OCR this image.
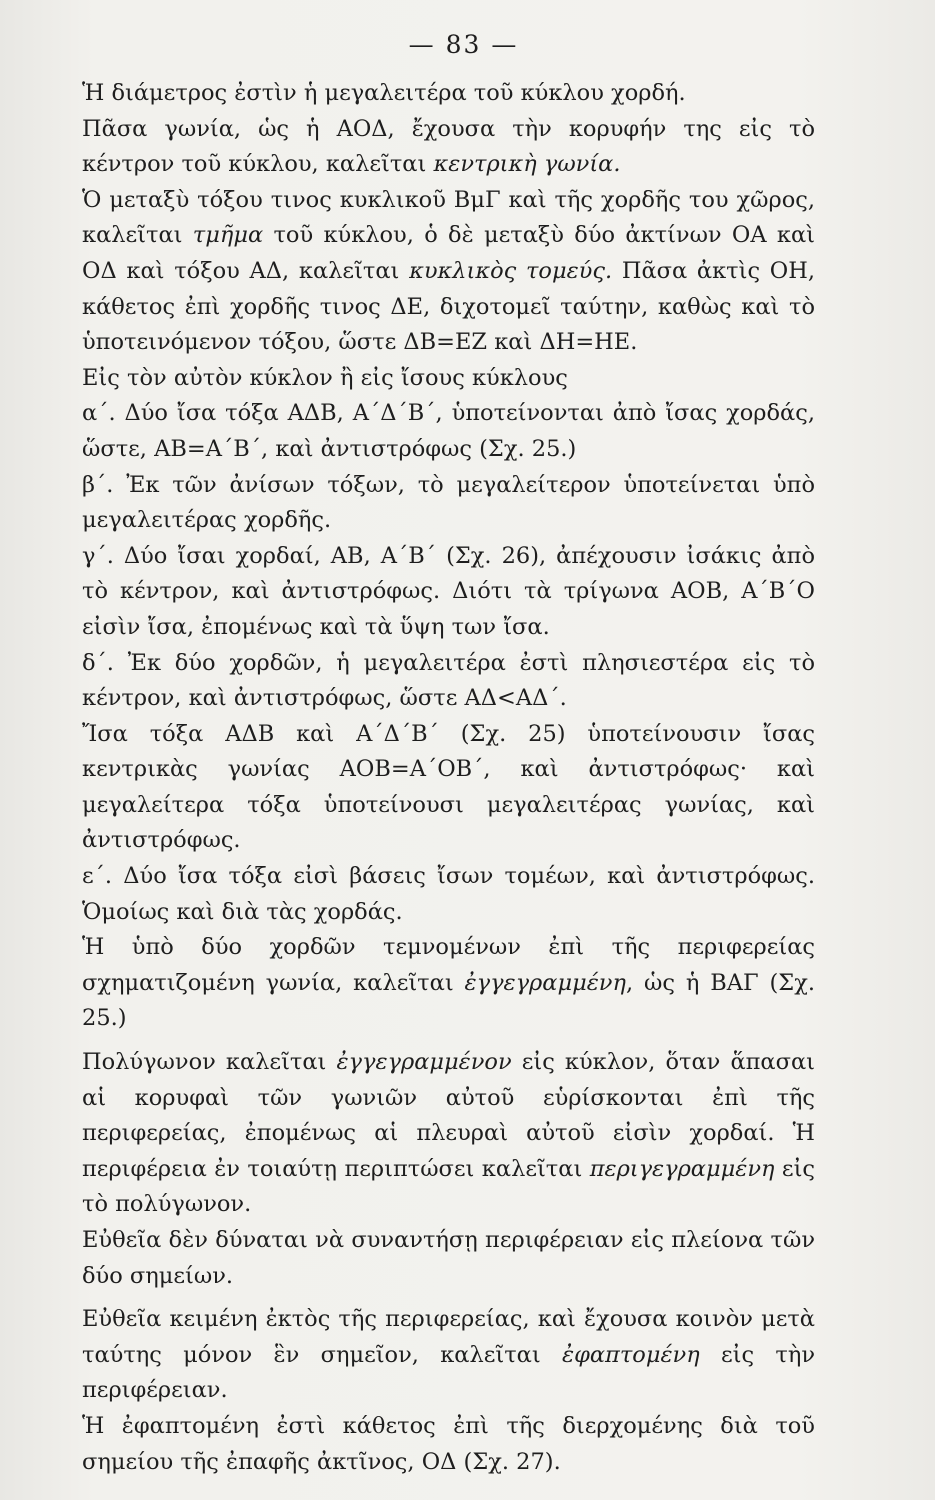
— 83 —

Ἡ διάμετρος ἐστὶν ἡ μεγαλειτέρα τοῦ κύκλου χορδή.

Πᾶσα γωνία, ὡς ἡ ΑΟΔ, ἔχουσα τὴν κορυφήν της εἰς τὸ κέντρον τοῦ κύκλου, καλεῖται κεντρικὴ γωνία.

Ὁ μεταξὺ τόξου τινος κυκλικοῦ ΒμΓ καὶ τῆς χορδῆς του χῶρος, καλεῖται τμῆμα τοῦ κύκλου, ὁ δὲ μεταξὺ δύο ἀκτίνων ΟΑ καὶ ΟΔ καὶ τόξου ΑΔ, καλεῖται κυκλικὸς τομεύς. Πᾶσα ἀκτὶς ΟΗ, κάθετος ἐπὶ χορδῆς τινος ΔΕ, διχοτομεῖ ταύτην, καθὼς καὶ τὸ ὑποτεινόμενον τόξου, ὥστε ΔΒ=ΕΖ καὶ ΔΗ=ΗΕ.

Εἰς τὸν αὐτὸν κύκλον ἢ εἰς ἴσους κύκλους

α΄. Δύο ἴσα τόξα ΑΔΒ, Α΄Δ΄Β΄, ὑποτείνονται ἀπὸ ἴσας χορδάς, ὥστε, ΑΒ=Α΄Β΄, καὶ ἀντιστρόφως (Σχ. 25.)

β΄. Ἐκ τῶν ἀνίσων τόξων, τὸ μεγαλείτερον ὑποτείνεται ὑπὸ μεγαλειτέρας χορδῆς.

γ΄. Δύο ἴσαι χορδαί, ΑΒ, Α΄Β΄ (Σχ. 26), ἀπέχουσιν ἰσάκις ἀπὸ τὸ κέντρον, καὶ ἀντιστρόφως. Διότι τὰ τρίγωνα ΑΟΒ, Α΄Β΄Ο εἰσὶν ἴσα, ἐπομένως καὶ τὰ ὕψη των ἴσα.

δ΄. Ἐκ δύο χορδῶν, ἡ μεγαλειτέρα ἐστὶ πλησιεστέρα εἰς τὸ κέντρον, καὶ ἀντιστρόφως, ὥστε ΑΔ<ΑΔ΄.

Ἴσα τόξα ΑΔΒ καὶ Α΄Δ΄Β΄ (Σχ. 25) ὑποτείνουσιν ἴσας κεντρικὰς γωνίας ΑΟΒ=Α΄ΟΒ΄, καὶ ἀντιστρόφως· καὶ μεγαλείτερα τόξα ὑποτείνουσι μεγαλειτέρας γωνίας, καὶ ἀντιστρόφως.

ε΄. Δύο ἴσα τόξα εἰσὶ βάσεις ἴσων τομέων, καὶ ἀντιστρόφως. Ὁμοίως καὶ διὰ τὰς χορδάς.

Ἡ ὑπὸ δύο χορδῶν τεμνομένων ἐπὶ τῆς περιφερείας σχηματιζομένη γωνία, καλεῖται ἐγγεγραμμένη, ὡς ἡ ΒΑΓ (Σχ. 25.)

Πολύγωνον καλεῖται ἐγγεγραμμένον εἰς κύκλον, ὅταν ἅπασαι αἱ κορυφαὶ τῶν γωνιῶν αὐτοῦ εὑρίσκονται ἐπὶ τῆς περιφερείας, ἐπομένως αἱ πλευραὶ αὐτοῦ εἰσὶν χορδαί. Ἡ περιφέρεια ἐν τοιαύτῃ περιπτώσει καλεῖται περιγεγραμμένη εἰς τὸ πολύγωνον.

Εὐθεῖα δὲν δύναται νὰ συναντήσῃ περιφέρειαν εἰς πλείονα τῶν δύο σημείων.

Εὐθεῖα κειμένη ἐκτὸς τῆς περιφερείας, καὶ ἔχουσα κοινὸν μετὰ ταύτης μόνον ἓν σημεῖον, καλεῖται ἐφαπτομένη εἰς τὴν περιφέρειαν.

Ἡ ἐφαπτομένη ἐστὶ κάθετος ἐπὶ τῆς διερχομένης διὰ τοῦ σημείου τῆς ἐπαφῆς ἀκτῖνος, ΟΔ (Σχ. 27).
